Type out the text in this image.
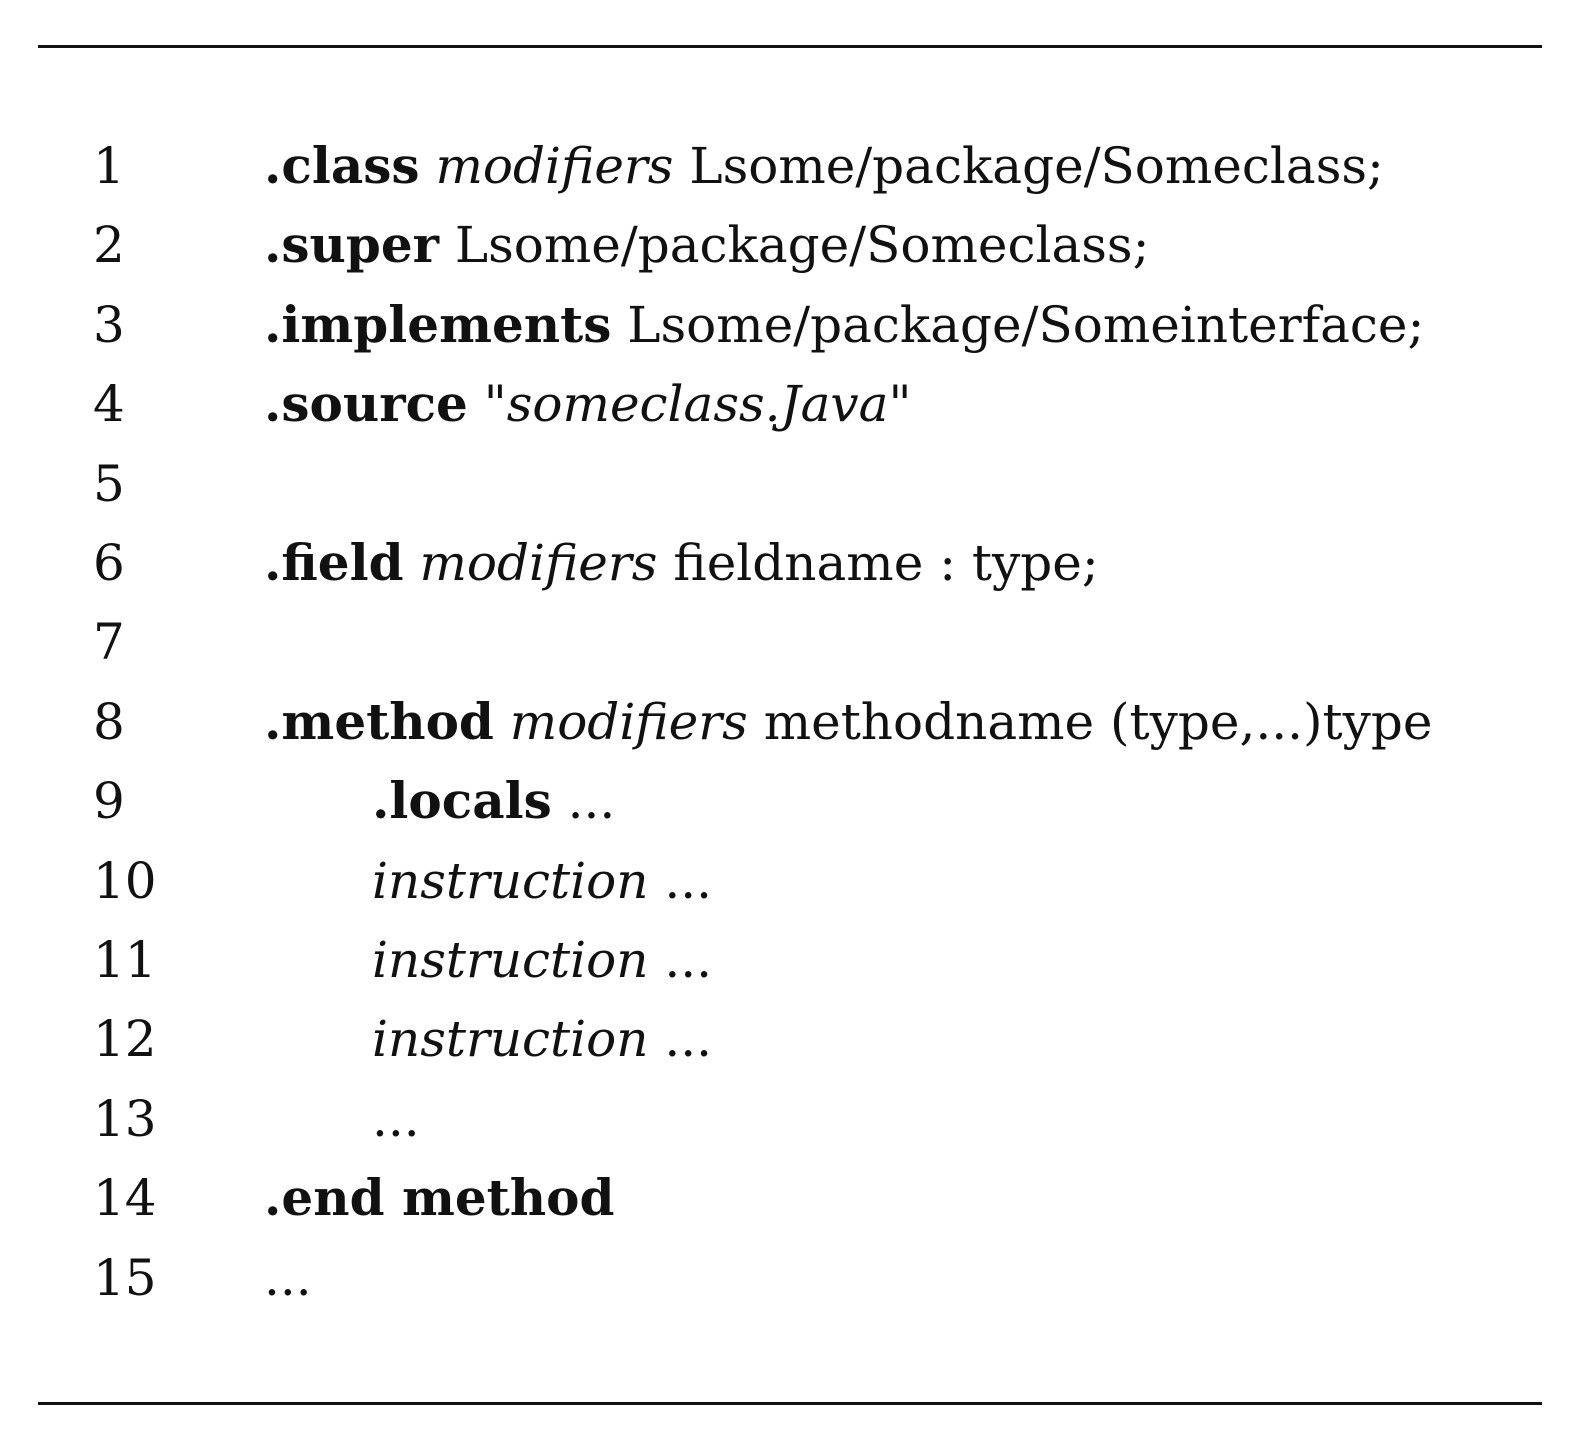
1	.class modifiers Lsome/package/Someclass;
2	.super Lsome/package/Someclass;
3	.implements Lsome/package/Someinterface;
4	.source "someclass.Java"
5
6	.field modifiers fieldname : type;
7
8	.method modifiers methodname (type,...)type
9	.locals ...
10	instruction ...
11	instruction ...
12	instruction ...
13	...
14 .end method
15 ...
